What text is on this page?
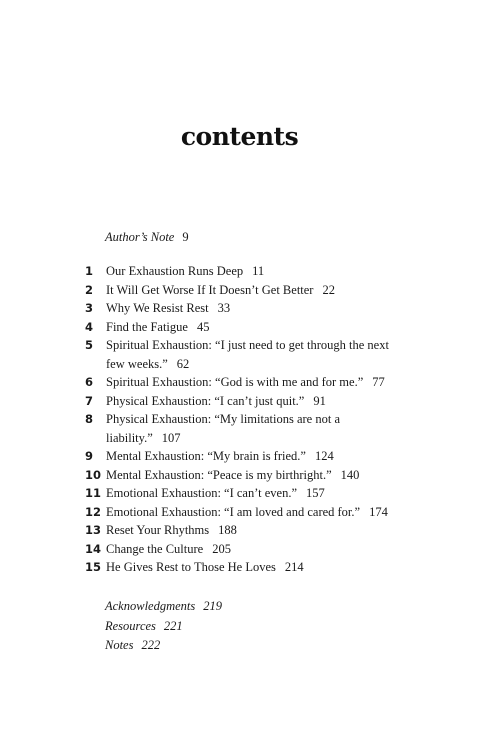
contents
Author’s Note 9
1	Our Exhaustion Runs Deep 11
2	It Will Get Worse If It Doesn’t Get Better 22
3	Why We Resist Rest 33
4	Find the Fatigue 45
5	Spiritual Exhaustion: “I just need to get through the next few weeks.” 62
6	Spiritual Exhaustion: “God is with me and for me.” 77
7	Physical Exhaustion: “I can’t just quit.” 91
8	Physical Exhaustion: “My limitations are not a liability.” 107
9	Mental Exhaustion: “My brain is fried.” 124
10 Mental Exhaustion: “Peace is my birthright.” 140
11 Emotional Exhaustion: “I can’t even.” 157
12 Emotional Exhaustion: “I am loved and cared for.” 174
13 Reset Your Rhythms 188
14 Change the Culture 205
15 He Gives Rest to Those He Loves 214
Acknowledgments 219
Resources 221
Notes 222
